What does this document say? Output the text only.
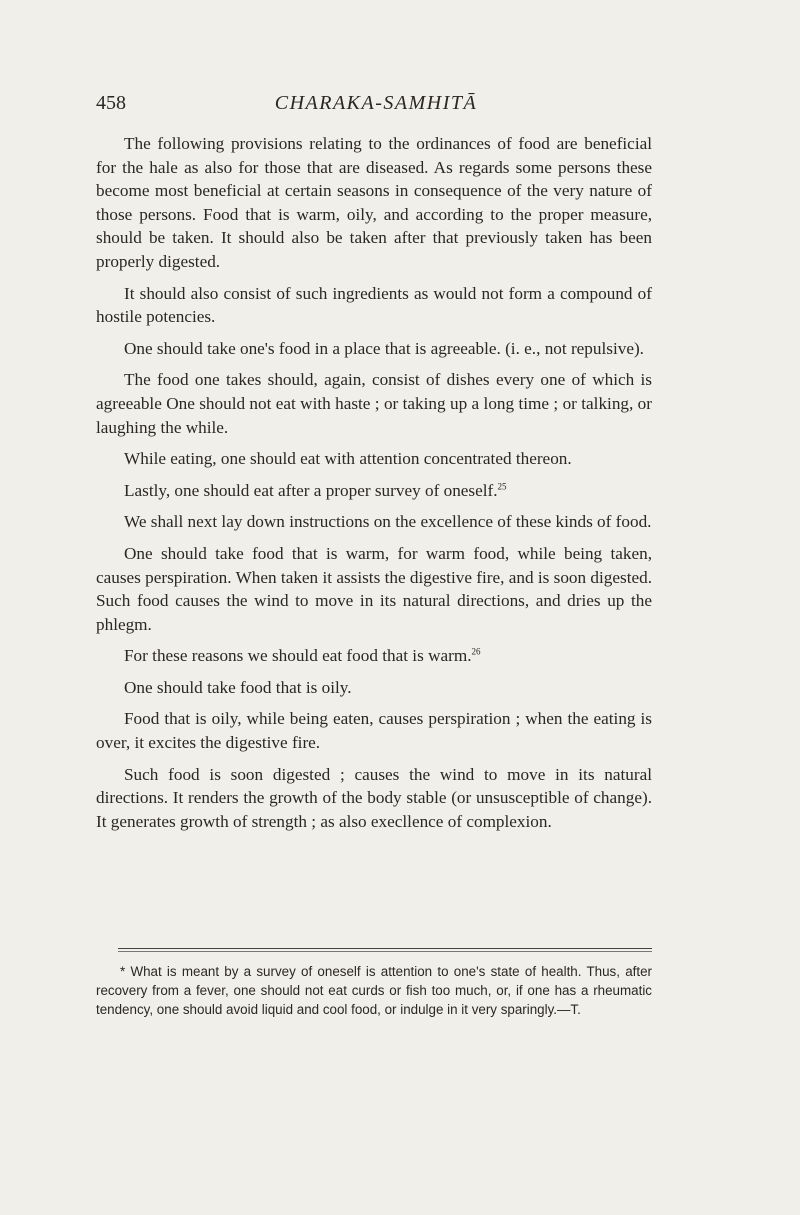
458	CHARAKA-SAMHITĀ

The following provisions relating to the ordinances of food are beneficial for the hale as also for those that are diseased. As regards some persons these become most beneficial at certain seasons in consequence of the very nature of those persons. Food that is warm, oily, and according to the proper measure, should be taken. It should also be taken after that previously taken has been properly digested.

It should also consist of such ingredients as would not form a compound of hostile potencies.

One should take one's food in a place that is agreeable. (i. e., not repulsive).

The food one takes should, again, consist of dishes every one of which is agreeable One should not eat with haste ; or taking up a long time ; or talking, or laughing the while.

While eating, one should eat with attention concentrated thereon.

Lastly, one should eat after a proper survey of oneself.$^{25}$

We shall next lay down instructions on the excellence of these kinds of food.

One should take food that is warm, for warm food, while being taken, causes perspiration. When taken it assists the digestive fire, and is soon digested. Such food causes the wind to move in its natural directions, and dries up the phlegm.

For these reasons we should eat food that is warm.$^{26}$

One should take food that is oily.

Food that is oily, while being eaten, causes perspiration ; when the eating is over, it excites the digestive fire.

Such food is soon digested ; causes the wind to move in its natural directions. It renders the growth of the body stable (or unsusceptible of change). It generates growth of strength ; as also execllence of complexion.

* What is meant by a survey of oneself is attention to one's state of health. Thus, after recovery from a fever, one should not eat curds or fish too much, or, if one has a rheumatic tendency, one should avoid liquid and cool food, or indulge in it very sparingly.—T.
